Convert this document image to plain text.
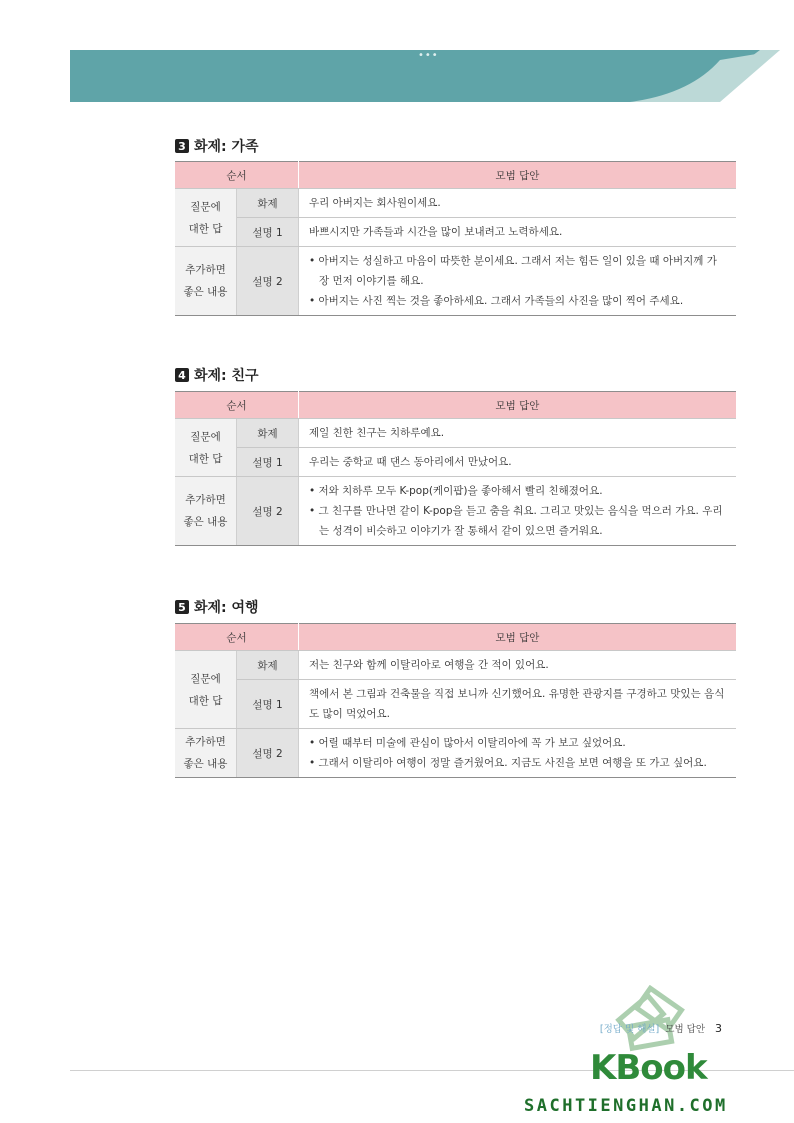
•••
3 화제: 가족
순서		모범 답안

질문에
대한 답	화제	우리 아버지는 회사원이세요.
	설명 1	바쁘시지만 가족들과 시간을 많이 보내려고 노력하세요.

추가하면
좋은 내용	설명 2	• 아버지는 성실하고 마음이 따뜻한 분이세요. 그래서 저는 힘든 일이 있을 때 아버지께 가장 먼저 이야기를 해요.
• 아버지는 사진 찍는 것을 좋아하세요. 그래서 가족들의 사진을 많이 찍어 주세요.
4 화제: 친구
순서		모범 답안

질문에
대한 답	화제	제일 친한 친구는 치하루예요.
	설명 1	우리는 중학교 때 댄스 동아리에서 만났어요.

추가하면
좋은 내용	설명 2	• 저와 치하루 모두 K-pop(케이팝)을 좋아해서 빨리 친해졌어요.
• 그 친구를 만나면 같이 K-pop을 듣고 춤을 춰요. 그리고 맛있는 음식을 먹으러 가요. 우리는 성격이 비슷하고 이야기가 잘 통해서 같이 있으면 즐거워요.
5 화제: 여행
순서		모범 답안

질문에
대한 답	화제	저는 친구와 함께 이탈리아로 여행을 간 적이 있어요.
	설명 1	책에서 본 그림과 건축물을 직접 보니까 신기했어요. 유명한 관광지를 구경하고 맛있는 음식도 많이 먹었어요.

추가하면
좋은 내용	설명 2	• 어릴 때부터 미술에 관심이 많아서 이탈리아에 꼭 가 보고 싶었어요.
• 그래서 이탈리아 여행이 정말 즐거웠어요. 지금도 사진을 보면 여행을 또 가고 싶어요.
[정답 및 해설] 모범 답안 3
KBook
SACHTIENGHAN.COM
